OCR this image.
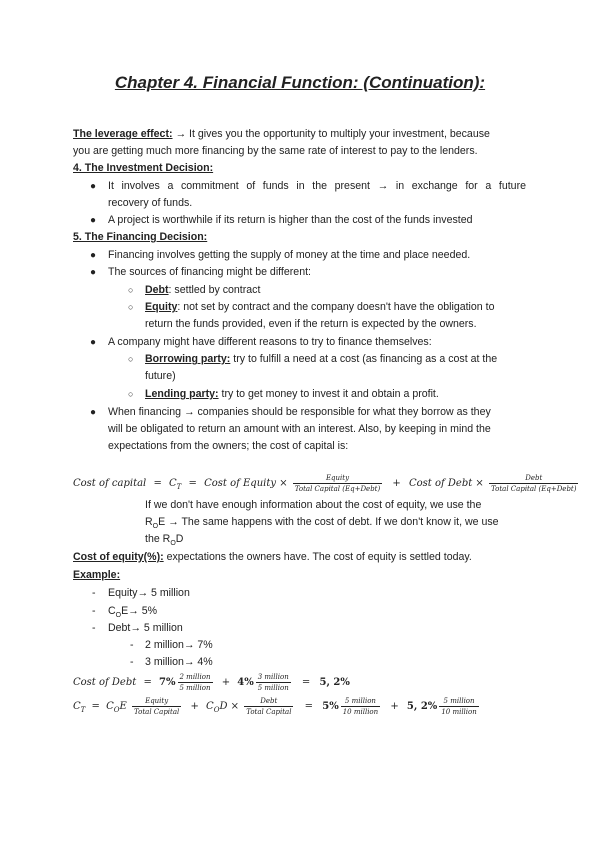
Chapter 4. Financial Function: (Continuation):
The leverage effect: → It gives you the opportunity to multiply your investment, because
you are getting much more financing by the same rate of interest to pay to the lenders.
4. The Investment Decision:
● It involves a commitment of funds in the present → in exchange for a future
recovery of funds.
● A project is worthwhile if its return is higher than the cost of the funds invested
5. The Financing Decision:
● Financing involves getting the supply of money at the time and place needed.
● The sources of financing might be different:
○ Debt: settled by contract
○ Equity: not set by contract and the company doesn't have the obligation to
return the funds provided, even if the return is expected by the owners.
● A company might have different reasons to try to finance themselves:
○ Borrowing party: try to fulfill a need at a cost (as financing as a cost at the
future)
○ Lending party: try to get money to invest it and obtain a profit.
● When financing → companies should be responsible for what they borrow as they
will be obligated to return an amount with an interest. Also, by keeping in mind the
expectations from the owners; the cost of capital is:
Cost of capital = $C_T$ = Cost of Equity × $\frac{\text{Equity}}{\text{Total Capital (Eq+Debt)}}$ + Cost of Debt × $\frac{\text{Debt}}{\text{Total Capital (Eq+Debt)}}$
If we don't have enough information about the cost of equity, we use the
$R_OE$ → The same happens with the cost of debt. If we don't know it, we use
the $R_OD$
Cost of equity(%): expectations the owners have. The cost of equity is settled today.
Example:
- Equity→ 5 million
- $C_OE\to 5\%$
- Debt→ 5 million
- 2 million→ 7%
- 3 million→ 4%
Cost of Debt = $7\% \frac{\text{2 million}}{\text{5 million}} + 4\% \frac{\text{3 million}}{\text{5 million}} = 5$, 2%
$C_T = C_OE \frac{\text{Equity}}{\text{Total Capital}} + C_OD \times \frac{\text{Debt}}{\text{Total Capital}} = 5\% \frac{\text{5 million}}{\text{10 million}} + 5$, $2\% \frac{\text{5 million}}{\text{10 million}}$
